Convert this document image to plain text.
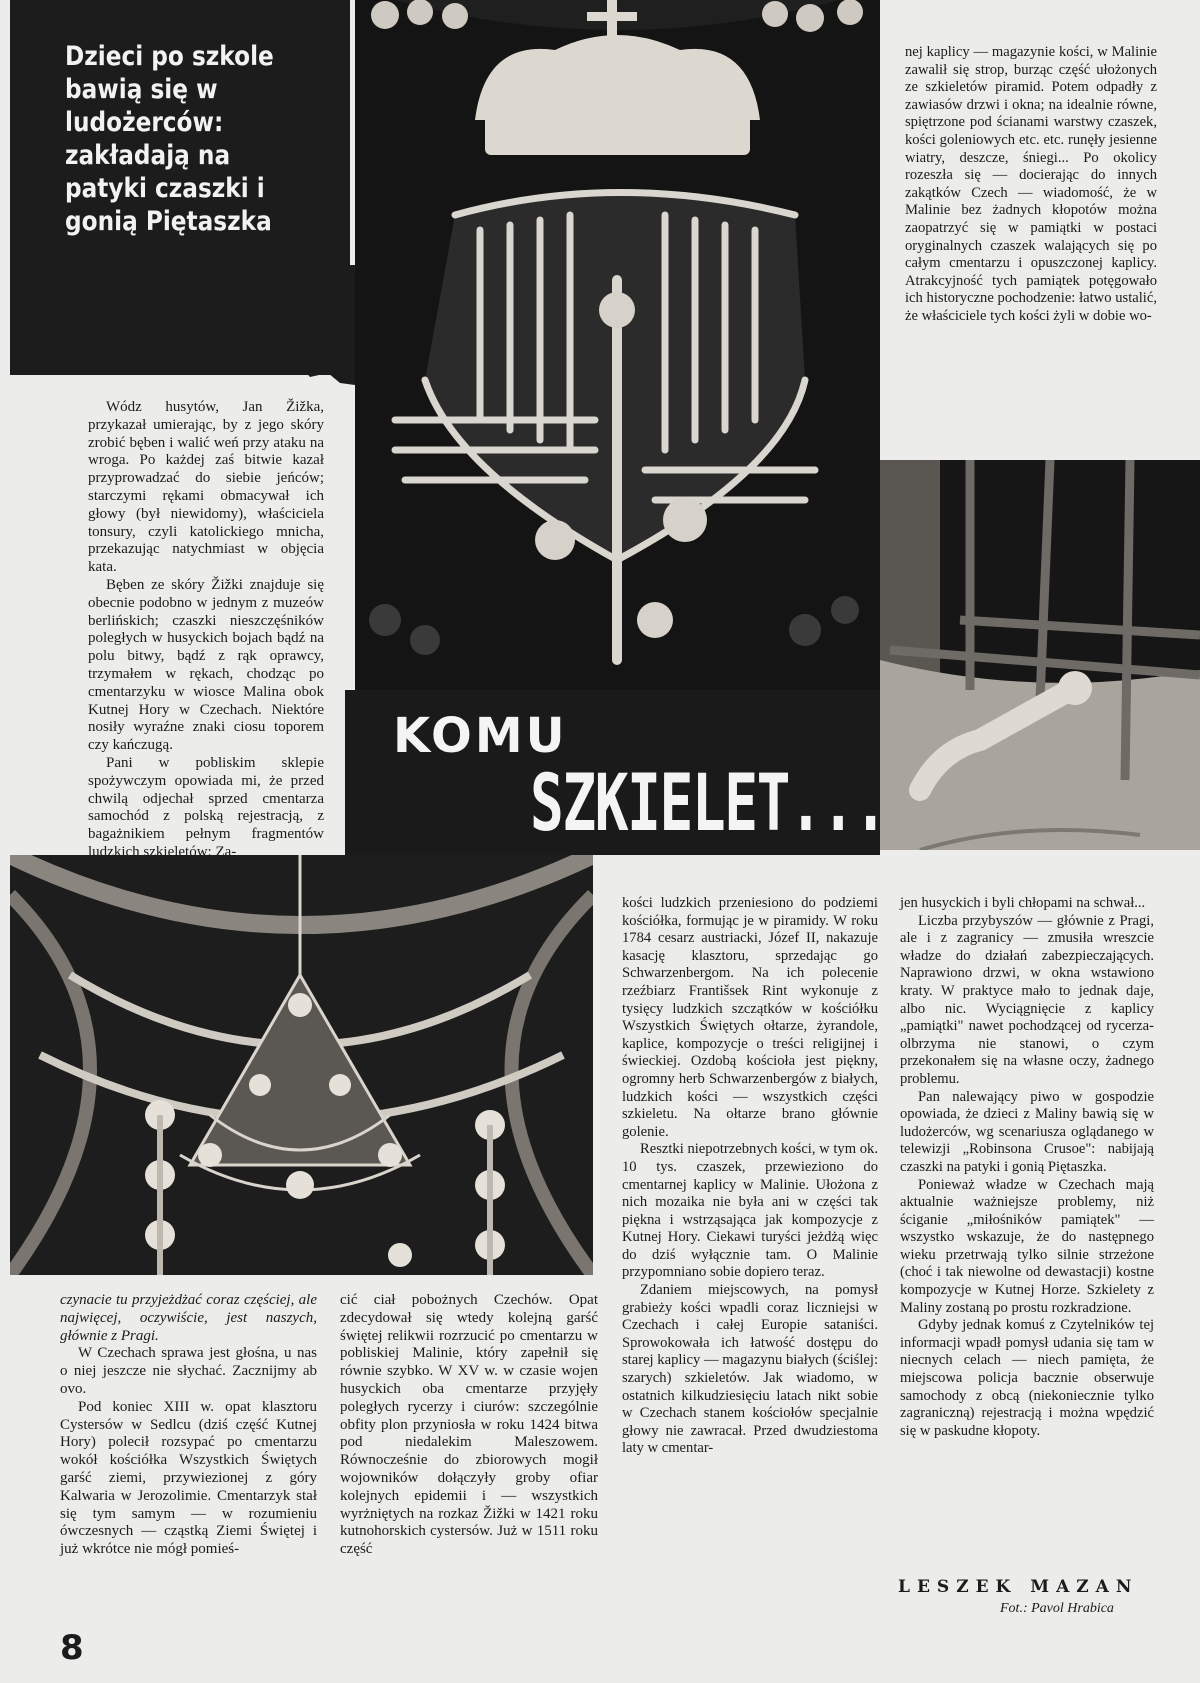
Dzieci po szkole bawią się w ludożerców: zakładają na patyki czaszki i gonią Piętaszka
KOMU
SZKIELET...

Wódz husytów, Jan Žižka, przykazał umierając, by z jego skóry zrobić bęben i walić weń przy ataku na wroga. Po każdej zaś bitwie kazał przyprowadzać do siebie jeńców; starczymi rękami obmacywał ich głowy (był niewidomy), właściciela tonsury, czyli katolickiego mnicha, przekazując natychmiast w objęcia kata.

Bęben ze skóry Žižki znajduje się obecnie podobno w jednym z muzeów berlińskich; czaszki nieszczęśników poległych w husyckich bojach bądź na polu bitwy, bądź z rąk oprawcy, trzymałem w rękach, chodząc po cmentarzyku w wiosce Malina obok Kutnej Hory w Czechach. Niektóre nosiły wyraźne znaki ciosu toporem czy kańczugą.

Pani w pobliskim sklepie spożywczym opowiada mi, że przed chwilą odjechał sprzed cmentarza samochód z polską rejestracją, z bagażnikiem pełnym fragmentów ludzkich szkieletów: Za-

nej kaplicy — magazynie kości, w Malinie zawalił się strop, burząc część ułożonych ze szkieletów piramid. Potem odpadły z zawiasów drzwi i okna; na idealnie równe, spiętrzone pod ścianami warstwy czaszek, kości goleniowych etc. etc. runęły jesienne wiatry, deszcze, śniegi... Po okolicy rozeszła się — docierając do innych zakątków Czech — wiadomość, że w Malinie bez żadnych kłopotów można zaopatrzyć się w pamiątki w postaci oryginalnych czaszek walających się po całym cmentarzu i opuszczonej kaplicy. Atrakcyjność tych pamiątek potęgowało ich historyczne pochodzenie: łatwo ustalić, że właściciele tych kości żyli w dobie wo-

czynacie tu przyjeżdżać coraz częściej, ale najwięcej, oczywiście, jest naszych, głównie z Pragi.

W Czechach sprawa jest głośna, u nas o niej jeszcze nie słychać. Zacznijmy ab ovo.

Pod koniec XIII w. opat klasztoru Cystersów w Sedlcu (dziś część Kutnej Hory) polecił rozsypać po cmentarzu wokół kościółka Wszystkich Świętych garść ziemi, przywiezionej z góry Kalwaria w Jerozolimie. Cmentarzyk stał się tym samym — w rozumieniu ówczesnych — cząstką Ziemi Świętej i już wkrótce nie mógł pomieś-

cić ciał pobożnych Czechów. Opat zdecydował się wtedy kolejną garść świętej relikwii rozrzucić po cmentarzu w pobliskiej Malinie, który zapełnił się równie szybko. W XV w. w czasie wojen husyckich oba cmentarze przyjęły poległych rycerzy i ciurów: szczególnie obfity plon przyniosła w roku 1424 bitwa pod niedalekim Maleszowem. Równocześnie do zbiorowych mogił wojowników dołączyły groby ofiar kolejnych epidemii i — wszystkich wyrżniętych na rozkaz Žižki w 1421 roku kutnohorskich cystersów. Już w 1511 roku część

kości ludzkich przeniesiono do podziemi kościółka, formując je w piramidy. W roku 1784 cesarz austriacki, Józef II, nakazuje kasację klasztoru, sprzedając go Schwarzenbergom. Na ich polecenie rzeźbiarz Františsek Rint wykonuje z tysięcy ludzkich szczątków w kościółku Wszystkich Świętych ołtarze, żyrandole, kaplice, kompozycje o treści religijnej i świeckiej. Ozdobą kościoła jest piękny, ogromny herb Schwarzenbergów z białych, ludzkich kości — wszystkich części szkieletu. Na ołtarze brano głównie golenie.

Resztki niepotrzebnych kości, w tym ok. 10 tys. czaszek, przewieziono do cmentarnej kaplicy w Malinie. Ułożona z nich mozaika nie była ani w części tak piękna i wstrząsająca jak kompozycje z Kutnej Hory. Ciekawi turyści jeżdżą więc do dziś wyłącznie tam. O Malinie przypomniano sobie dopiero teraz.

Zdaniem miejscowych, na pomysł grabieży kości wpadli coraz liczniejsi w Czechach i całej Europie sataniści. Sprowokowała ich łatwość dostępu do starej kaplicy — magazynu białych (ściślej: szarych) szkieletów. Jak wiadomo, w ostatnich kilkudziesięciu latach nikt sobie w Czechach stanem kościołów specjalnie głowy nie zawracał. Przed dwudziestoma laty w cmentar-

jen husyckich i byli chłopami na schwał...

Liczba przybyszów — głównie z Pragi, ale i z zagranicy — zmusiła wreszcie władze do działań zabezpieczających. Naprawiono drzwi, w okna wstawiono kraty. W praktyce mało to jednak daje, albo nic. Wyciągnięcie z kaplicy „pamiątki" nawet pochodzącej od rycerza-olbrzyma nie stanowi, o czym przekonałem się na własne oczy, żadnego problemu.

Pan nalewający piwo w gospodzie opowiada, że dzieci z Maliny bawią się w ludożerców, wg scenariusza oglądanego w telewizji „Robinsona Crusoe": nabijają czaszki na patyki i gonią Piętaszka.

Ponieważ władze w Czechach mają aktualnie ważniejsze problemy, niż ściganie „miłośników pamiątek" — wszystko wskazuje, że do następnego wieku przetrwają tylko silnie strzeżone (choć i tak niewolne od dewastacji) kostne kompozycje w Kutnej Horze. Szkielety z Maliny zostaną po prostu rozkradzione.

Gdyby jednak komuś z Czytelników tej informacji wpadł pomysł udania się tam w niecnych celach — niech pamięta, że miejscowa policja bacznie obserwuje samochody z obcą (niekoniecznie tylko zagraniczną) rejestracją i można wpędzić się w paskudne kłopoty.

LESZEK MAZAN
Fot.: Pavol Hrabica
8
